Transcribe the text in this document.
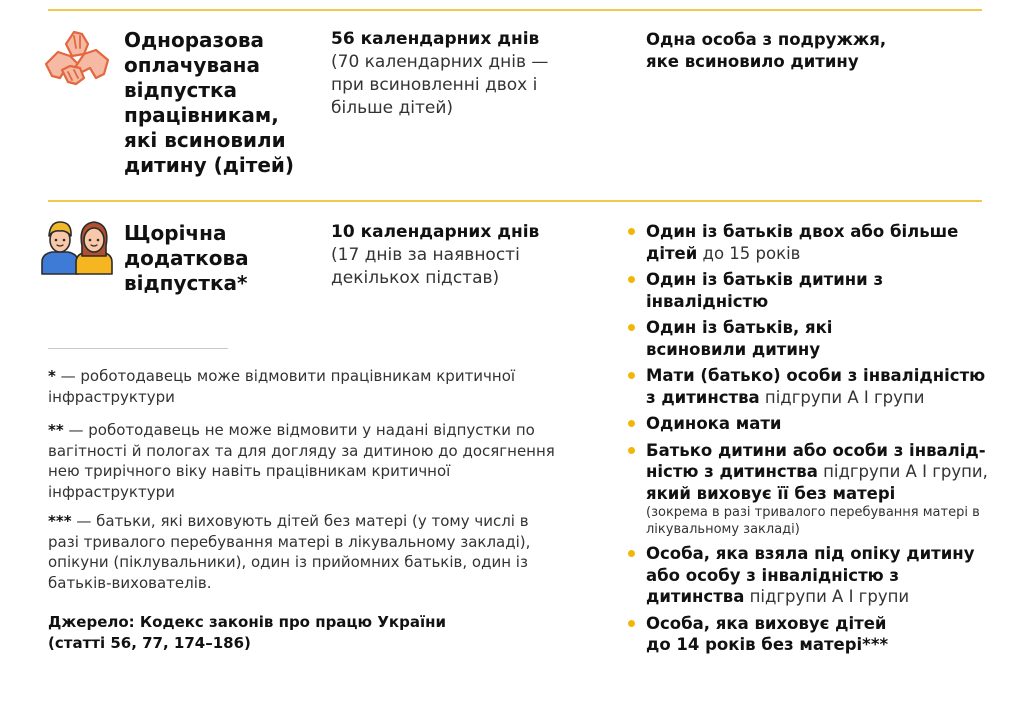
Одноразова оплачувана відпустка працівникам, які всиновили дитину (дітей)
56 календарних днів
(70 календарних днів — при всиновленні двох і більше дітей)
Одна особа з подружжя, яке всиновило дитину
Щорічна додаткова відпустка*
10 календарних днів
(17 днів за наявності декількох підстав)
Один із батьків двох або більше дітей до 15 років
Один із батьків дитини з інвалідністю
Один із батьків, які всиновили дитину
Мати (батько) особи з інвалідністю з дитинства підгрупи А I групи
Одинока мати
Батько дитини або особи з інвалідністю з дитинства підгрупи А I групи, який виховує її без матері
(зокрема в разі тривалого перебування матері в лікувальному закладі)
Особа, яка взяла під опіку дитину або особу з інвалідністю з дитинства підгрупи А I групи
Особа, яка виховує дітей до 14 років без матері***
* — роботодавець може відмовити працівникам критичної інфраструктури
** — роботодавець не може відмовити у надані відпустки по вагітності й пологах та для догляду за дитиною до досягнення нею трирічного віку навіть працівникам критичної інфраструктури
*** — батьки, які виховують дітей без матері (у тому числі в разі тривалого перебування матері в лікувальному закладі), опікуни (піклувальники), один із прийомних батьків, один із батьків-вихователів.
Джерело: Кодекс законів про працю України (статті 56, 77, 174–186)
